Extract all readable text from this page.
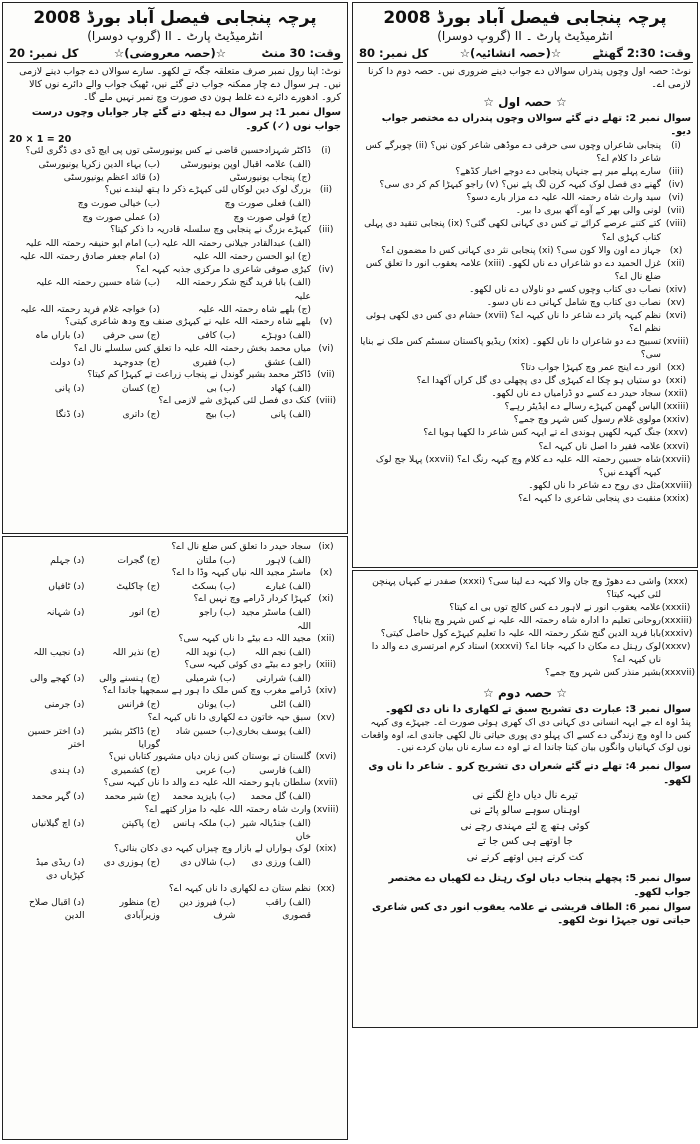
پرچہ پنجابی فیصل آباد بورڈ 2008
انٹرمیڈیٹ پارٹ ۔ II (گروپ دوسرا)
وقت: 2:30 گھنٹے
☆(حصہ انشائیہ)☆
کل نمبر: 80
نوٹ: حصہ اول وچوں پندراں سوالاں دے جواب دینے ضروری نیں۔ حصہ دوم دا کرنا لازمی اے۔
☆ حصہ اول ☆
سوال نمبر 2: تھلے دتے گئے سوالاں وچوں پندراں دے مختصر جواب دیو۔
(i)
پنجابی شاعراں وچوں سی حرفی دے موڈھی شاعر کون نیں؟ (ii) چوبرگے کس شاعر دا کلام اے؟
(iii)
سارے پہلے میر ہے جنہاں پنجابی دے دوجے اخبار کڈھے؟
(iv)
گھنے دی فصل لوک کیہہ کرن لگ پئے نیں؟ (v) راجو کیہڑا کم کر دی سی؟
(vi)
سید وارث شاہ رحمتہ اللہ علیہ دے مزار بارے دسو؟
(vii)
لونی والی بھر کے آوے آکھ بیری دا بیر۔
(viii)
کتے کتنے عرصے کرائے تے کس دی کہانی لکھی گئی؟ (ix) پنجابی تنقید دی پہلی کتاب کہڑی اے؟
(x)
جہاز دے اون والا کون سی؟ (xi) پنجابی نثر دی کہانی کس دا مضمون اے؟
(xii)
غزل الحمید دے دو شاعراں دے ناں لکھو۔ (xiii) علامہ یعقوب انور دا تعلق کس ضلع نال اے؟
(xiv)
نصاب دی کتاب وچوں کسے دو ناولاں دے ناں لکھو۔
(xv)
نصاب دی کتاب وچ شامل کہانی دے ناں دسو۔
(xvi)
نظم کیہہ پاتر دے شاعر دا ناں کیہہ اے؟ (xvii) حشام دی کس دی لکھی ہوئی نظم اے؟
(xviii)
تسبیح دے دو شاعراں دا ناں لکھو۔ (xix) ریڈیو پاکستان سسٹم کس ملک نے بنایا سی؟
(xx)
انور دے اینج عمر وچ کیہڑا جواب دتا؟
(xxi)
دو ستیاں ہو چکا اے کیہڑی گل دی پچھلی دی گل کراں آکھدا اے؟
(xxii)
سجاد حیدر دے کسے دو ڈرامیاں دے ناں لکھو۔
(xxiii)
الیاس گھمن کیہڑے رسالے دے ایڈیٹر رہے؟
(xxiv)
مولوی غلام رسول کس شہر وچ جمے؟
(xxv)
جنگ کیہہ لکھیں ہوندی اے تے ایہہ کس شاعر دا لکھیا ہویا اے؟
(xxvi)
علامہ فقیر دا اصل ناں کیہہ اے؟
(xxvii)
شاہ حسین رحمتہ اللہ علیہ دے کلام وچ کیہہ رنگ اے؟ (xxvii) پہلا جج لوک کیہہ آکھدے نیں؟
(xxviii)
مثل دی روح دے شاعر دا ناں لکھو۔
(xxix)
منقبت دی پنجابی شاعری دا کیہہ اے؟
(xxx)
واشی دے دھوڑ وچ جان والا کیہہ دے لینا سی؟ (xxxi) صفدر نے کیہاں پہنچن لئی کیہہ کیتا؟
(xxxii)
علامہ یعقوب انور نے لاہور دے کس کالج توں بی اے کیتا؟
(xxxiii)
روحانی تعلیم دا ادارہ شاہ رحمتہ اللہ علیہ نے کس شہر وچ بنایا؟
(xxxiv)
بابا فرید الدین گنج شکر رحمتہ اللہ علیہ دا تعلیم کیہڑے کول حاصل کیتی؟
(xxxv)
لوک رہتل دے مکان دا کیہہ جانا اے؟ (xxxvi) استاد کرم امرتسری دے والد دا ناں کیہہ اے؟
(xxxvii)
بشیر منذر کس شہر وچ جمے؟
☆ حصہ دوم ☆
سوال نمبر 3: عبارت دی تشریح سبق تے لکھاری دا ناں دی لکھو۔
پنڈ اوہ اے جے ایہہ انسانی دی کہانی دی اک کھری ہوئی صورت اے۔ جیہڑے وی کیہہ کس دا اوہ وچ زندگی دے کسے اک پہلو دی پوری حیاتی نال لکھی جاندی اے، اوہ واقعات نوں لوک کہانیاں وانگوں بیان کیتا جاندا اے تے اوہ دے سارے ناں بیان کردے نیں۔
سوال نمبر 4: تھلے دتے گئے شعراں دی تشریح کرو ۔ شاعر دا ناں وی لکھو۔
تیرے نال دیاں داغ لگنے نی
اوہناں سوہے سالو پائے نی
کوئی ہتھ چ لئے مہندی رچے نی
جا اوتھے ہی کس جا تے
کت کرنے ہیں اوتھے کرنے نی
سوال نمبر 5: پچھلے پنجاب دیاں لوک رہتل دے لکھیاں دے مختصر جواب لکھو۔
سوال نمبر 6: الطاف قریشی نے علامہ یعقوب انور دی کس شاعری حیاتی توں جیہڑا نوٹ لکھو۔
پرچہ پنجابی فیصل آباد بورڈ 2008
انٹرمیڈیٹ پارٹ ۔ II (گروپ دوسرا)
وقت: 30 منٹ
☆(حصہ معروضی)☆
کل نمبر: 20
نوٹ: اپنا رول نمبر صرف متعلقہ جگہ تے لکھو۔ سارے سوالاں دے جواب دینے لازمی نیں۔ ہر سوال دے چار ممکنہ جواب دتے گئے نیں، ٹھیک جواب والے دائرے نوں کالا کرو۔ ادھورے دائرے دے غلط ہون دی صورت وچ نمبر نہیں ملے گا۔
سوال نمبر 1: ہر سوال دے ہیٹھ دتے گئے چار جواباں وچوں درست جواب نوں (✓) کرو۔
20 × 1 = 20
(i)
ڈاکٹر شہزادحسین قاضی نے کس یونیورسٹی توں پی ایچ ڈی دی ڈگری لئی؟
(الف) علامہ اقبال اوپن یونیورسٹی
(ب) بہاء الدین زکریا یونیورسٹی
(ج) پنجاب یونیورسٹی
(د) قائد اعظم یونیورسٹی
(ii)
بزرگ لوک دین لوکاں لئی کیہڑے ذکر دا ہتھ لیندے نیں؟
(الف) فعلی صورت وچ
(ب) خیالی صورت وچ
(ج) قولی صورت وچ
(د) عملی صورت وچ
(iii)
کیہڑے بزرگ نے پنجابی وچ سلسلہ قادریہ دا ذکر کیتا؟
(الف) عبدالقادر جیلانی رحمتہ اللہ علیہ
(ب) امام ابو حنیفہ رحمتہ اللہ علیہ
(ج) ابو الحسن رحمتہ اللہ علیہ
(د) امام جعفر صادق رحمتہ اللہ علیہ
(iv)
کیڑی صوفی شاعری دا مرکزی جذبہ کیہہ اے؟
(الف) بابا فرید گنج شکر رحمتہ اللہ علیہ
(ب) شاہ حسین رحمتہ اللہ علیہ
(ج) بلھے شاہ رحمتہ اللہ علیہ
(د) خواجہ غلام فرید رحمتہ اللہ علیہ
(v)
بلھے شاہ رحمتہ اللہ علیہ نے کیہڑی صنف وچ ودھ شاعری کیتی؟
(الف) دوہڑے
(ب) کافی
(ج) سی حرفی
(د) باراں ماہ
(vi)
میاں محمد بخش رحمتہ اللہ علیہ دا تعلق کس سلسلے نال اے؟
(الف) عشق
(ب) فقیری
(ج) جدوجہد
(د) دولت
(vii)
ڈاکٹر محمد بشیر گوندل نے پنجاب زراعت تے کیہڑا کم کیتا؟
(الف) کھاد
(ب) بی
(ج) کسان
(د) پانی
(viii)
کنک دی فصل لئی کیہڑی شے لازمی اے؟
(الف) پانی
(ب) بیج
(ج) داتری
(د) ڈنگا
(ix)
سجاد حیدر دا تعلق کس ضلع نال اے؟
(الف) لاہور
(ب) ملتان
(ج) گجرات
(د) جہلم
(x)
ماسٹر مجید اللہ نیاں کیہہ وڈا دا اے؟
(الف) غبارے
(ب) بسکٹ
(ج) چاکلیٹ
(د) ٹافیاں
(xi)
کیہڑا کردار ڈرامے وچ نہیں اے؟
(الف) ماسٹر مجید اللہ
(ب) راجو
(ج) انور
(د) شہانہ
(xii)
مجید اللہ دے بیٹے دا ناں کیہہ سی؟
(الف) نجم اللہ
(ب) نوید اللہ
(ج) نذیر اللہ
(د) نجیب اللہ
(xiii)
راجو دے بیٹے دی کوئی کیہہ سی؟
(الف) شرارتی
(ب) شرمیلی
(ج) ہنسنے والی
(د) کھجے والی
(xiv)
ڈرامے مغرب وچ کس ملک دا ہور ہے سمجھیا جاندا اے؟
(الف) اٹلی
(ب) یونان
(ج) فرانس
(د) جرمنی
(xv)
سبق حیہ خاتون دے لکھاری دا ناں کیہہ اے؟
(الف) یوسف بخاری
(ب) حسین شاد
(ج) ڈاکٹر بشیر گورایا
(د) اختر حسین اختر
(xvi)
گلستان تے بوستان کس زبان دیاں مشہور کتاباں نیں؟
(الف) فارسی
(ب) عربی
(ج) کشمیری
(د) ہندی
(xvii)
سلطان باہو رحمتہ اللہ علیہ دے والد دا ناں کیہہ سی؟
(الف) گل محمد
(ب) بایزید محمد
(ج) شیر محمد
(د) گہر محمد
(xviii)
وارث شاہ رحمتہ اللہ علیہ دا مزار کتھے اے؟
(الف) جنڈیالہ شیر خاں
(ب) ملکہ ہانس
(ج) پاکپتن
(د) اچ گیلانیاں
(xix)
لوک ہواراں لے بازار وچ چیزاں کیہہ دی دکان بنائی؟
(الف) ورزی دی
(ب) شالاں دی
(ج) ہوزری دی
(د) ریڈی میڈ کپڑیاں دی
(xx)
نظم ستان دے لکھاری دا ناں کیہہ اے؟
(الف) راقب قصوری
(ب) فیروز دین شرف
(ج) منظور وزیرآبادی
(د) اقبال صلاح الدین
